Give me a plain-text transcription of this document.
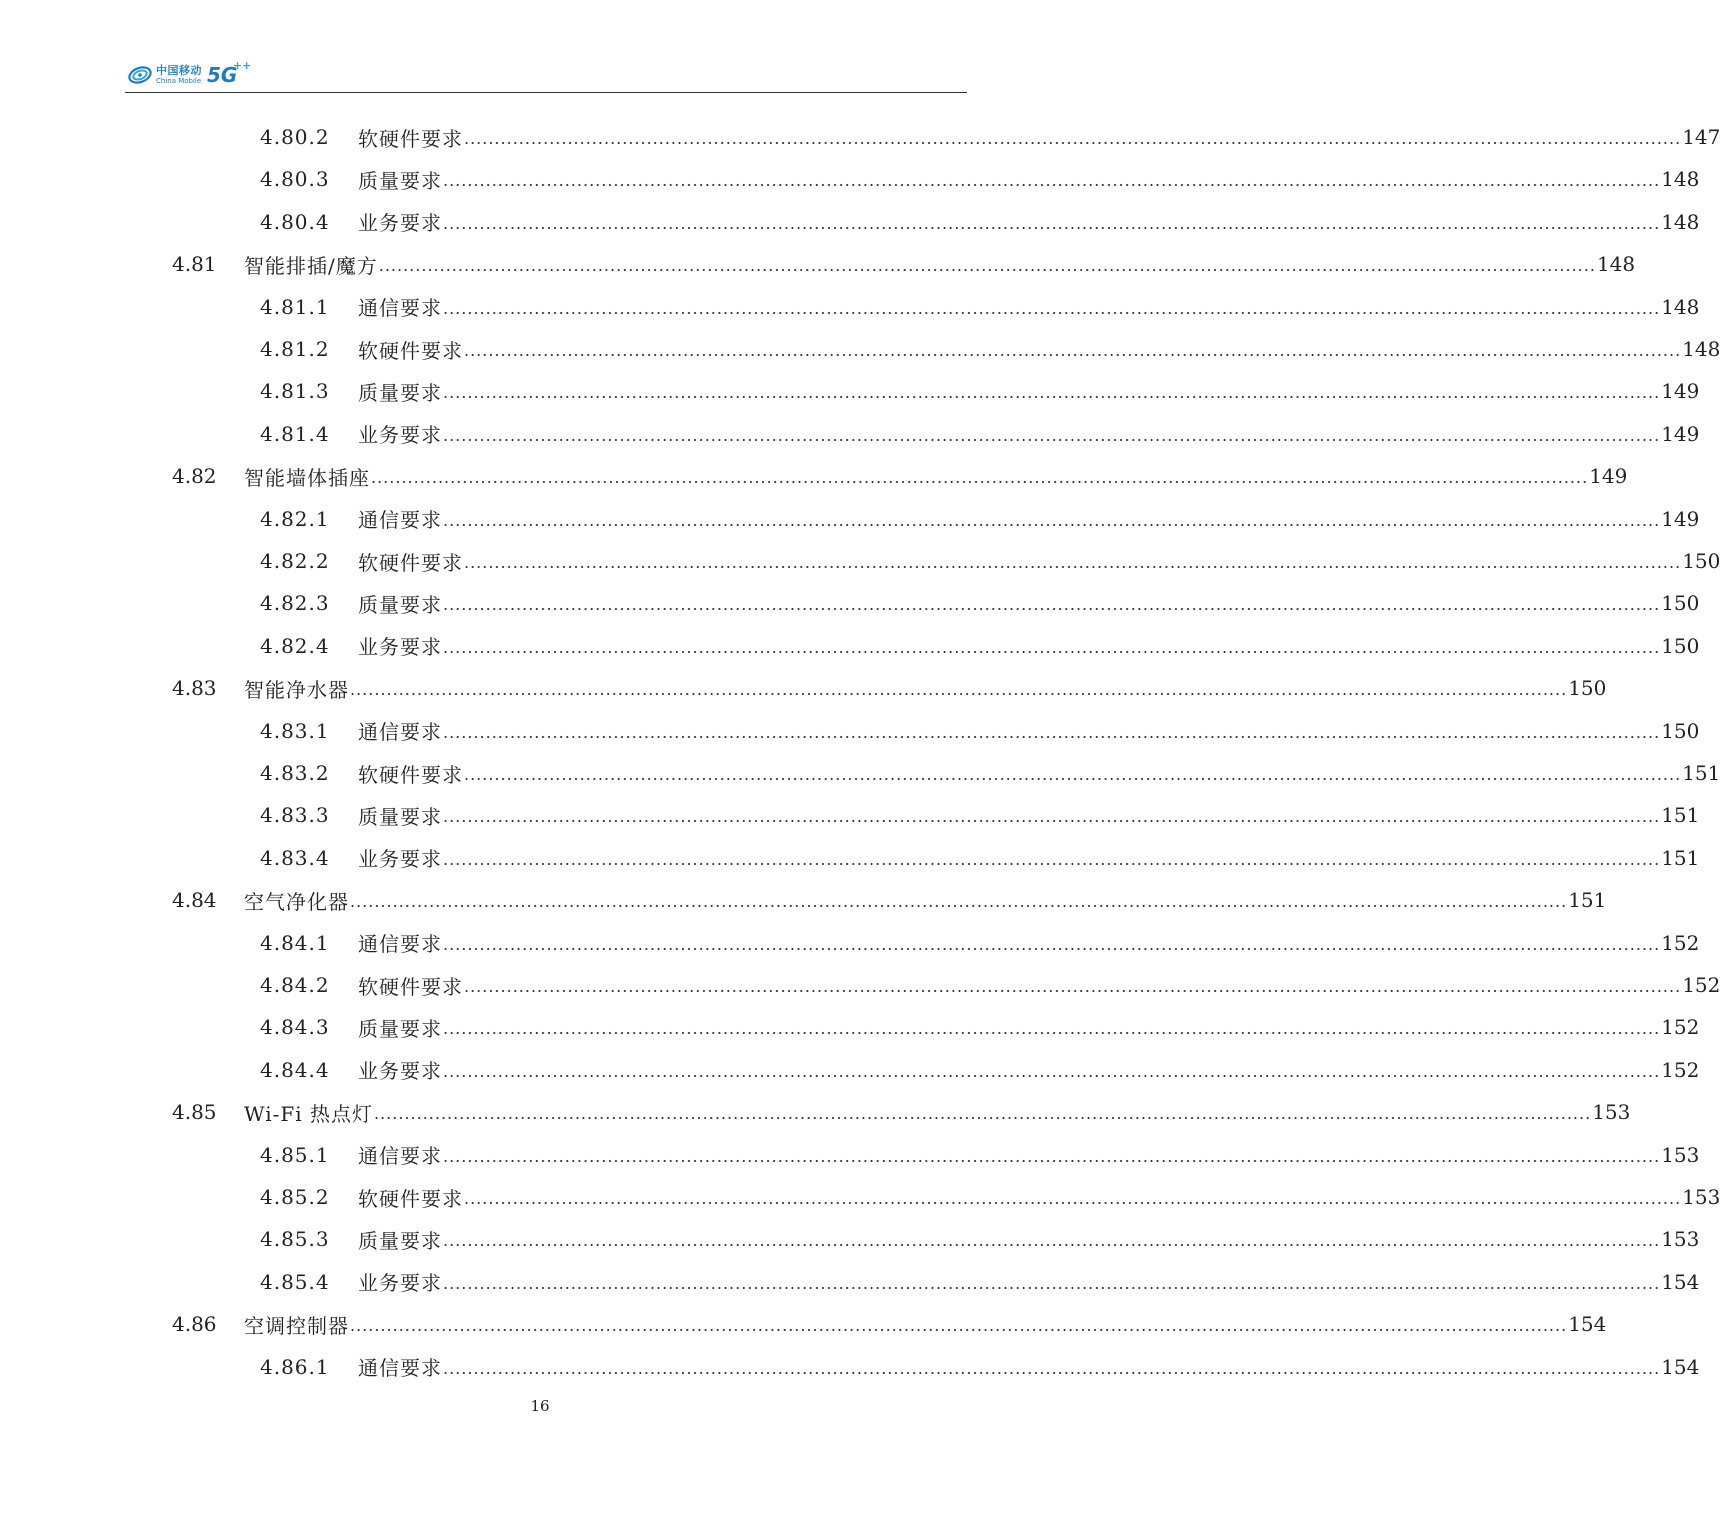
中国移动
China Mobile 5G
++
4.80.2	软硬件要求 ........................................................................................................................................................................................................ 147
4.80.3	质量要求 ........................................................................................................................................................................................................ 148
4.80.4	业务要求 ........................................................................................................................................................................................................ 148
4.81	智能排插/魔方 ........................................................................................................................................................................................................ 148
4.81.1	通信要求 ........................................................................................................................................................................................................ 148
4.81.2	软硬件要求 ........................................................................................................................................................................................................ 148
4.81.3	质量要求 ........................................................................................................................................................................................................ 149
4.81.4	业务要求 ........................................................................................................................................................................................................ 149
4.82	智能墙体插座 ........................................................................................................................................................................................................ 149
4.82.1	通信要求 ........................................................................................................................................................................................................ 149
4.82.2	软硬件要求 ........................................................................................................................................................................................................ 150
4.82.3	质量要求 ........................................................................................................................................................................................................ 150
4.82.4	业务要求 ........................................................................................................................................................................................................ 150
4.83	智能净水器 ........................................................................................................................................................................................................ 150
4.83.1	通信要求 ........................................................................................................................................................................................................ 150
4.83.2	软硬件要求 ........................................................................................................................................................................................................ 151
4.83.3	质量要求 ........................................................................................................................................................................................................ 151
4.83.4	业务要求 ........................................................................................................................................................................................................ 151
4.84	空气净化器 ........................................................................................................................................................................................................ 151
4.84.1	通信要求 ........................................................................................................................................................................................................ 152
4.84.2	软硬件要求 ........................................................................................................................................................................................................ 152
4.84.3	质量要求 ........................................................................................................................................................................................................ 152
4.84.4	业务要求 ........................................................................................................................................................................................................ 152
4.85	Wi-Fi 热点灯 ........................................................................................................................................................................................................ 153
4.85.1	通信要求 ........................................................................................................................................................................................................ 153
4.85.2	软硬件要求 ........................................................................................................................................................................................................ 153
4.85.3	质量要求 ........................................................................................................................................................................................................ 153
4.85.4	业务要求 ........................................................................................................................................................................................................ 154
4.86	空调控制器 ........................................................................................................................................................................................................ 154
4.86.1	通信要求 ........................................................................................................................................................................................................ 154
16
